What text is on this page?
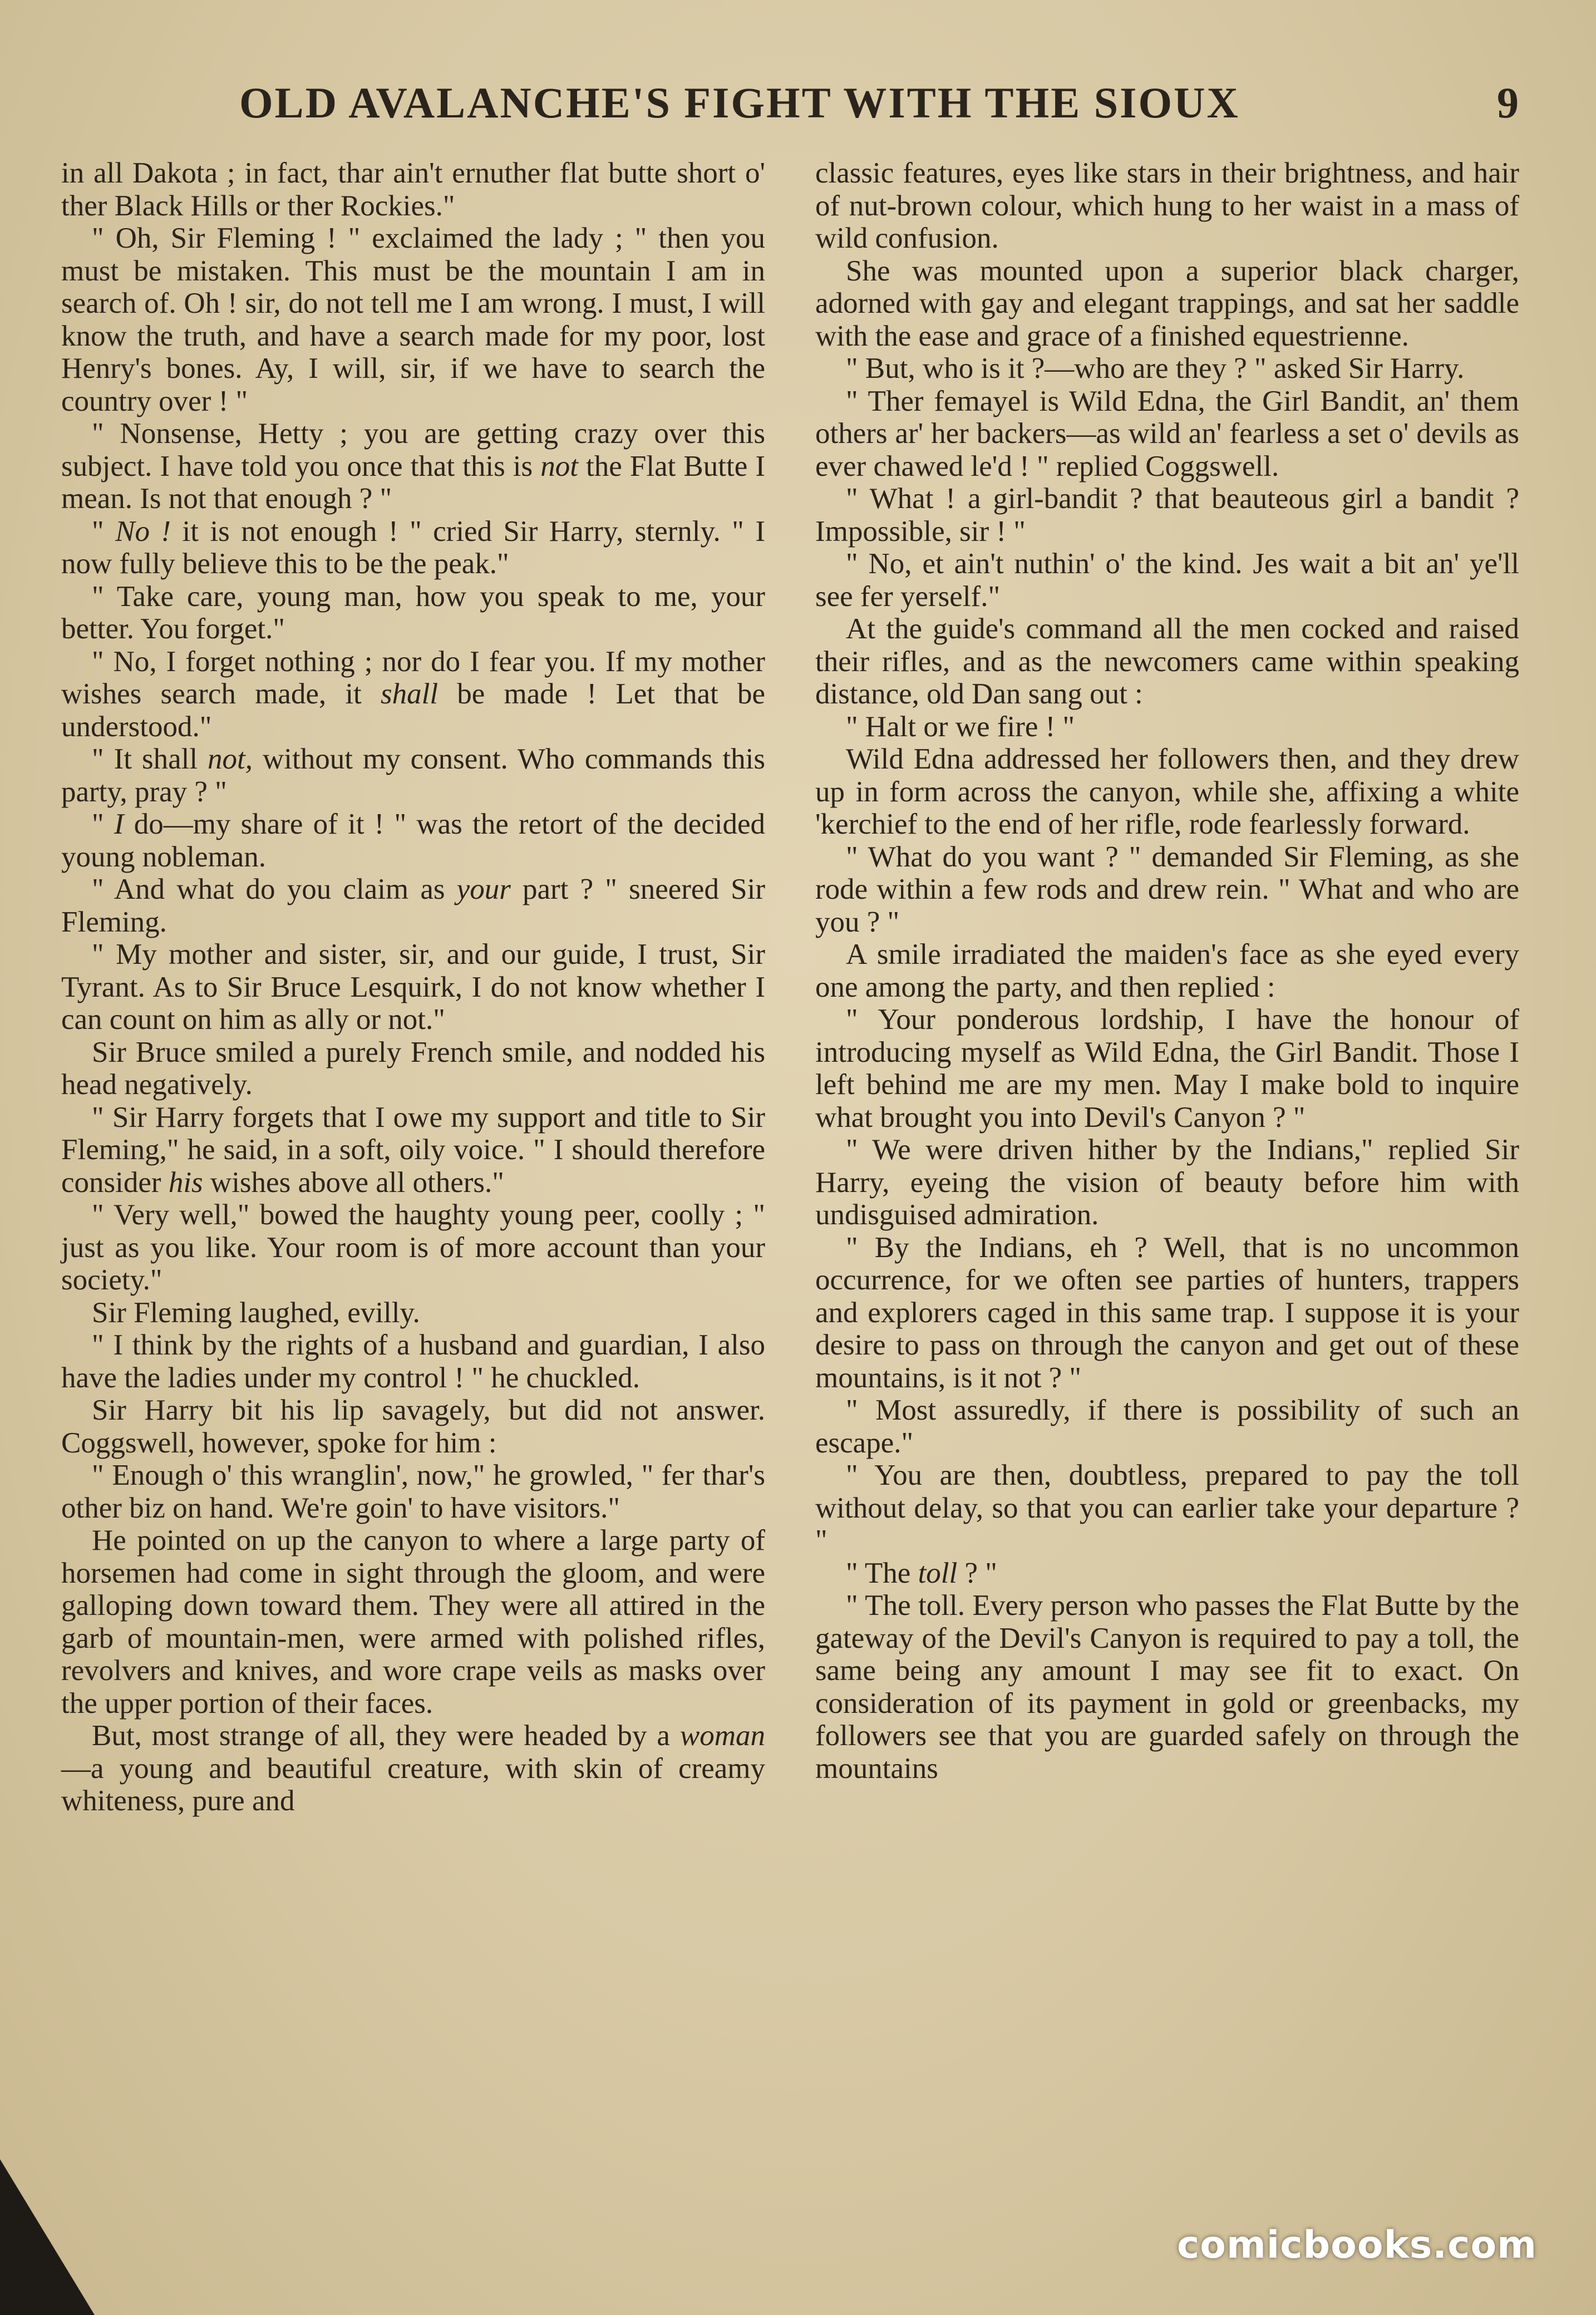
OLD AVALANCHE'S FIGHT WITH THE SIOUX	9

in all Dakota ; in fact, thar ain't ernuther flat butte short o' ther Black Hills or ther Rockies."

" Oh, Sir Fleming ! " exclaimed the lady ; " then you must be mistaken. This must be the mountain I am in search of. Oh ! sir, do not tell me I am wrong. I must, I will know the truth, and have a search made for my poor, lost Henry's bones. Ay, I will, sir, if we have to search the country over ! "

" Nonsense, Hetty ; you are getting crazy over this subject. I have told you once that this is not the Flat Butte I mean. Is not that enough ? "

" No ! it is not enough ! " cried Sir Harry, sternly. " I now fully believe this to be the peak."

" Take care, young man, how you speak to me, your better. You forget."

" No, I forget nothing ; nor do I fear you. If my mother wishes search made, it shall be made ! Let that be understood."

" It shall not, without my consent. Who commands this party, pray ? "

" I do—my share of it ! " was the retort of the decided young nobleman.

" And what do you claim as your part ? " sneered Sir Fleming.

" My mother and sister, sir, and our guide, I trust, Sir Tyrant. As to Sir Bruce Lesquirk, I do not know whether I can count on him as ally or not."

Sir Bruce smiled a purely French smile, and nodded his head negatively.

" Sir Harry forgets that I owe my support and title to Sir Fleming," he said, in a soft, oily voice. " I should therefore consider his wishes above all others."

" Very well," bowed the haughty young peer, coolly ; " just as you like. Your room is of more account than your society."

Sir Fleming laughed, evilly.

" I think by the rights of a husband and guardian, I also have the ladies under my control ! " he chuckled.

Sir Harry bit his lip savagely, but did not answer. Coggswell, however, spoke for him :

" Enough o' this wranglin', now," he growled, " fer thar's other biz on hand. We're goin' to have visitors."

He pointed on up the canyon to where a large party of horsemen had come in sight through the gloom, and were galloping down toward them. They were all attired in the garb of mountain-men, were armed with polished rifles, revolvers and knives, and wore crape veils as masks over the upper portion of their faces.

But, most strange of all, they were headed by a woman—a young and beautiful creature, with skin of creamy whiteness, pure and

classic features, eyes like stars in their brightness, and hair of nut-brown colour, which hung to her waist in a mass of wild confusion.

She was mounted upon a superior black charger, adorned with gay and elegant trappings, and sat her saddle with the ease and grace of a finished equestrienne.

" But, who is it ?—who are they ? " asked Sir Harry.

" Ther femayel is Wild Edna, the Girl Bandit, an' them others ar' her backers—as wild an' fearless a set o' devils as ever chawed le'd ! " replied Coggswell.

" What ! a girl-bandit ? that beauteous girl a bandit ? Impossible, sir ! "

" No, et ain't nuthin' o' the kind. Jes wait a bit an' ye'll see fer yerself."

At the guide's command all the men cocked and raised their rifles, and as the newcomers came within speaking distance, old Dan sang out :

" Halt or we fire ! "

Wild Edna addressed her followers then, and they drew up in form across the canyon, while she, affixing a white 'kerchief to the end of her rifle, rode fearlessly forward.

" What do you want ? " demanded Sir Fleming, as she rode within a few rods and drew rein. " What and who are you ? "

A smile irradiated the maiden's face as she eyed every one among the party, and then replied :

" Your ponderous lordship, I have the honour of introducing myself as Wild Edna, the Girl Bandit. Those I left behind me are my men. May I make bold to inquire what brought you into Devil's Canyon ? "

" We were driven hither by the Indians," replied Sir Harry, eyeing the vision of beauty before him with undisguised admiration.

" By the Indians, eh ? Well, that is no uncommon occurrence, for we often see parties of hunters, trappers and explorers caged in this same trap. I suppose it is your desire to pass on through the canyon and get out of these mountains, is it not ? "

" Most assuredly, if there is possibility of such an escape."

" You are then, doubtless, prepared to pay the toll without delay, so that you can earlier take your departure ? "

" The toll ? "

" The toll. Every person who passes the Flat Butte by the gateway of the Devil's Canyon is required to pay a toll, the same being any amount I may see fit to exact. On consideration of its payment in gold or greenbacks, my followers see that you are guarded safely on through the mountains

comicbooks.com
